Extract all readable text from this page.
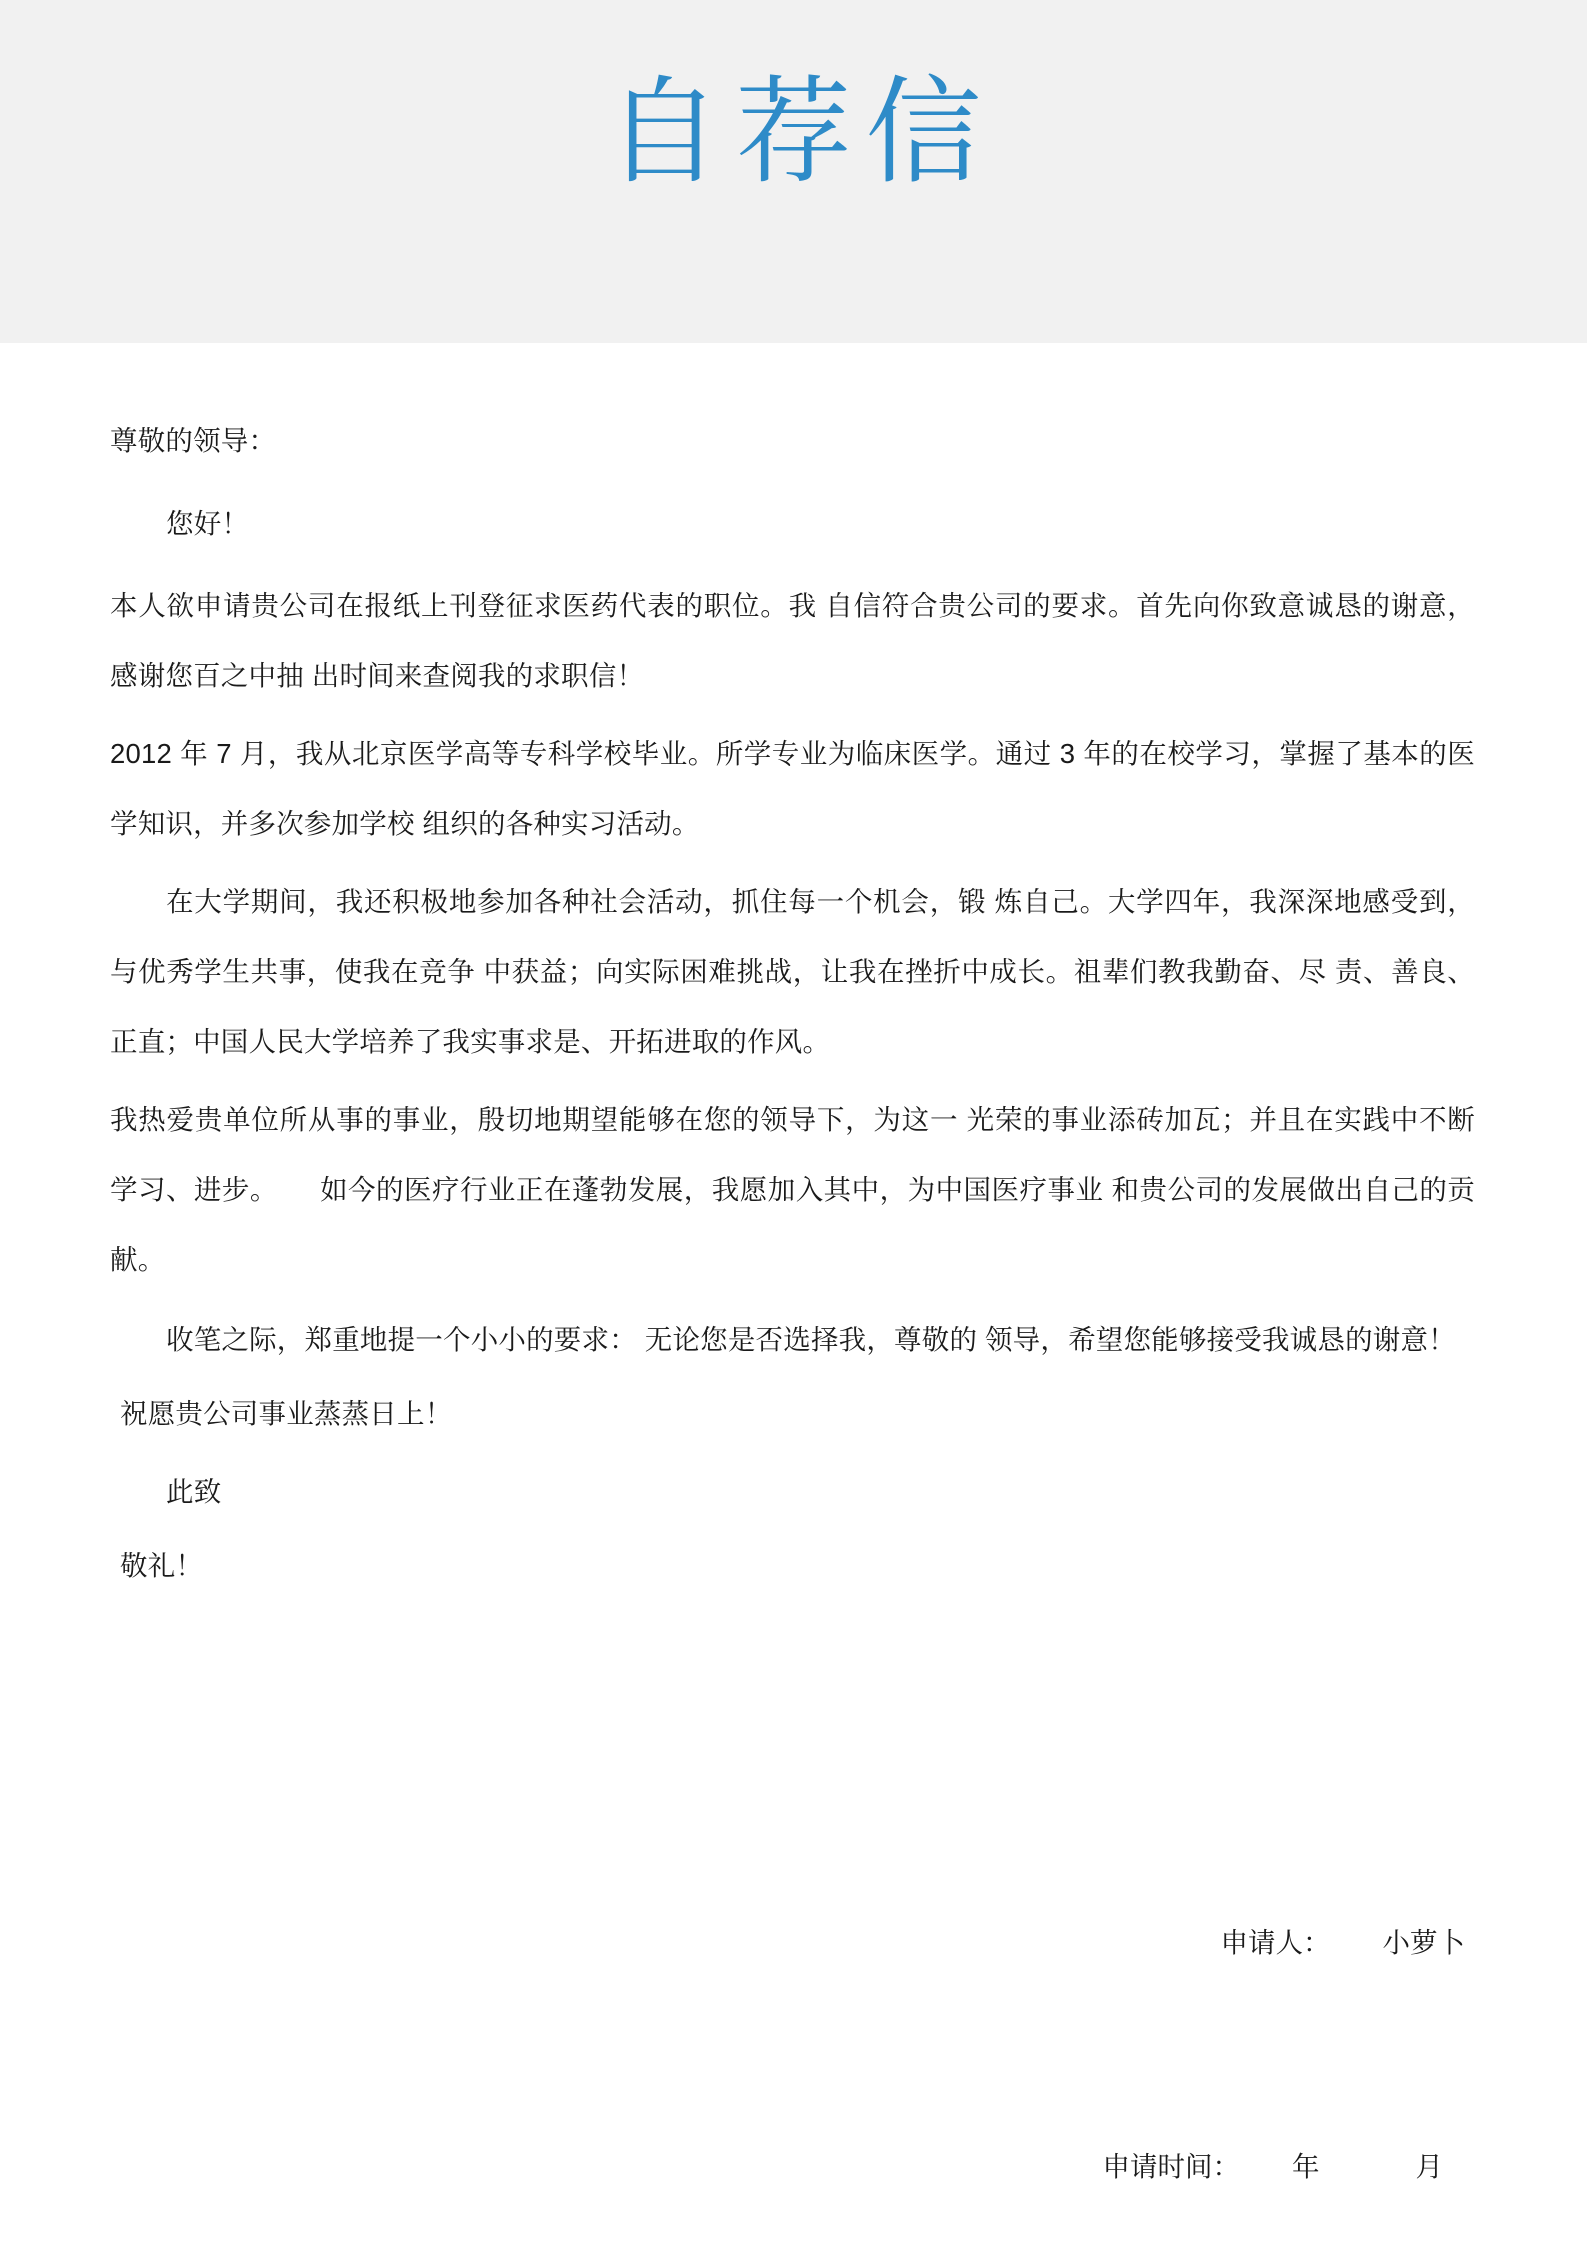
自荐信

尊敬的领导：

您好！

本人欲申请贵公司在报纸上刊登征求医药代表的职位。我 自信符合贵公司的要求。首先向你致意诚恳的谢意，感谢您百之中抽 出时间来查阅我的求职信！

2012 年 7 月，我从北京医学高等专科学校毕业。所学专业为临床医学。通过 3 年的在校学习，掌握了基本的医学知识，并多次参加学校 组织的各种实习活动。

在大学期间，我还积极地参加各种社会活动，抓住每一个机会，锻 炼自己。大学四年，我深深地感受到，与优秀学生共事，使我在竞争 中获益；向实际困难挑战，让我在挫折中成长。祖辈们教我勤奋、尽 责、善良、正直；中国人民大学培养了我实事求是、开拓进取的作风。

我热爱贵单位所从事的事业，殷切地期望能够在您的领导下，为这一 光荣的事业添砖加瓦；并且在实践中不断学习、进步。　　如今的医疗行业正在蓬勃发展，我愿加入其中，为中国医疗事业 和贵公司的发展做出自己的贡献。

收笔之际，郑重地提一个小小的要求： 无论您是否选择我，尊敬的 领导，希望您能够接受我诚恳的谢意！

祝愿贵公司事业蒸蒸日上！

此致

敬礼！

申请人： 小萝卜

申请时间： 年	月
